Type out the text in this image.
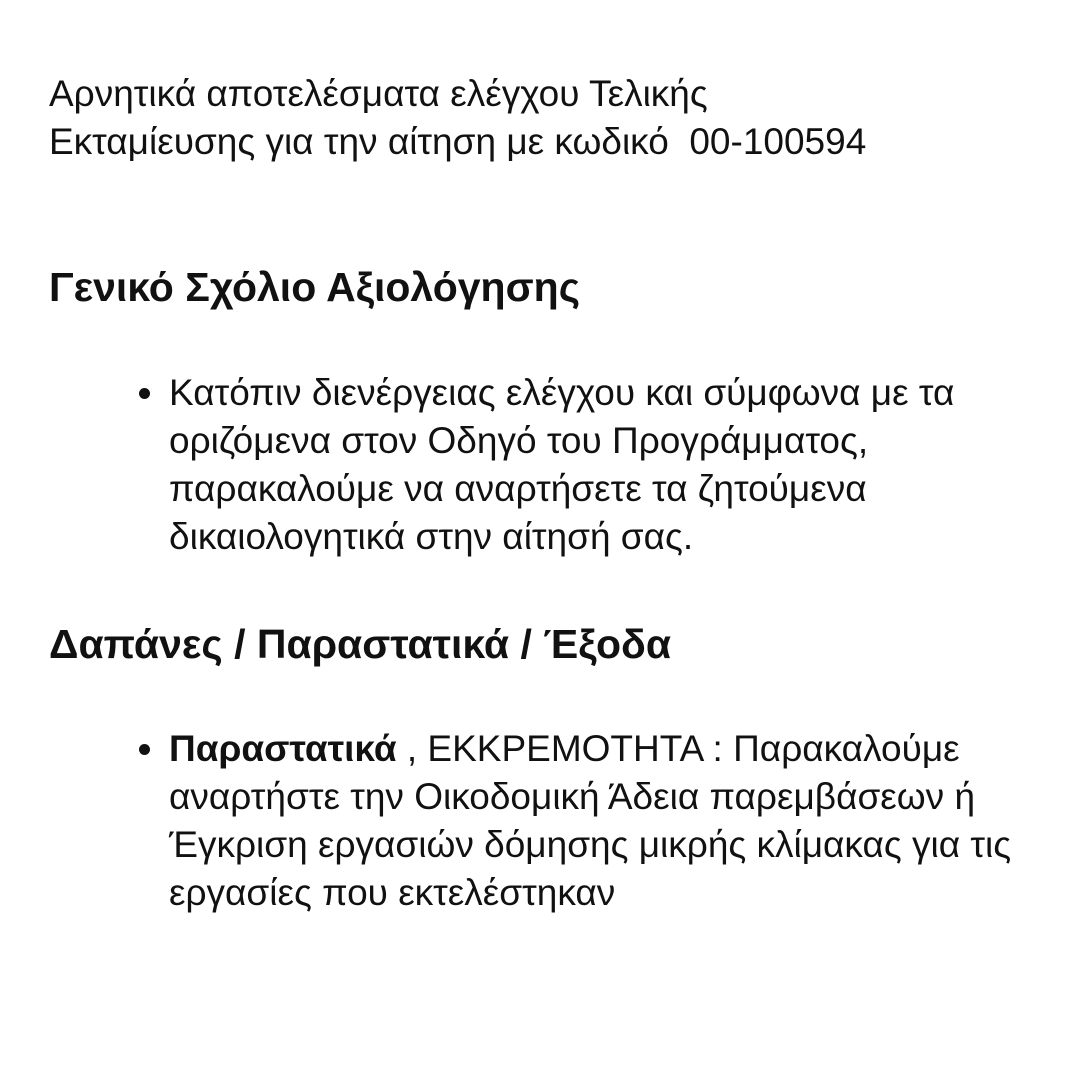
Αρνητικά αποτελέσματα ελέγχου Τελικής
Εκταμίευσης για την αίτηση με κωδικό  00-100594

Γενικό Σχόλιο Αξιολόγησης
Κατόπιν διενέργειας ελέγχου και σύμφωνα με τα οριζόμενα στον Οδηγό του Προγράμματος, παρακαλούμε να αναρτήσετε τα ζητούμενα δικαιολογητικά στην αίτησή σας.
Δαπάνες / Παραστατικά / Έξοδα
Παραστατικά , ΕΚΚΡΕΜΟΤΗΤΑ : Παρακαλούμε αναρτήστε την Οικοδομική Άδεια παρεμβάσεων ή Έγκριση εργασιών δόμησης μικρής κλίμακας για τις εργασίες που εκτελέστηκαν
